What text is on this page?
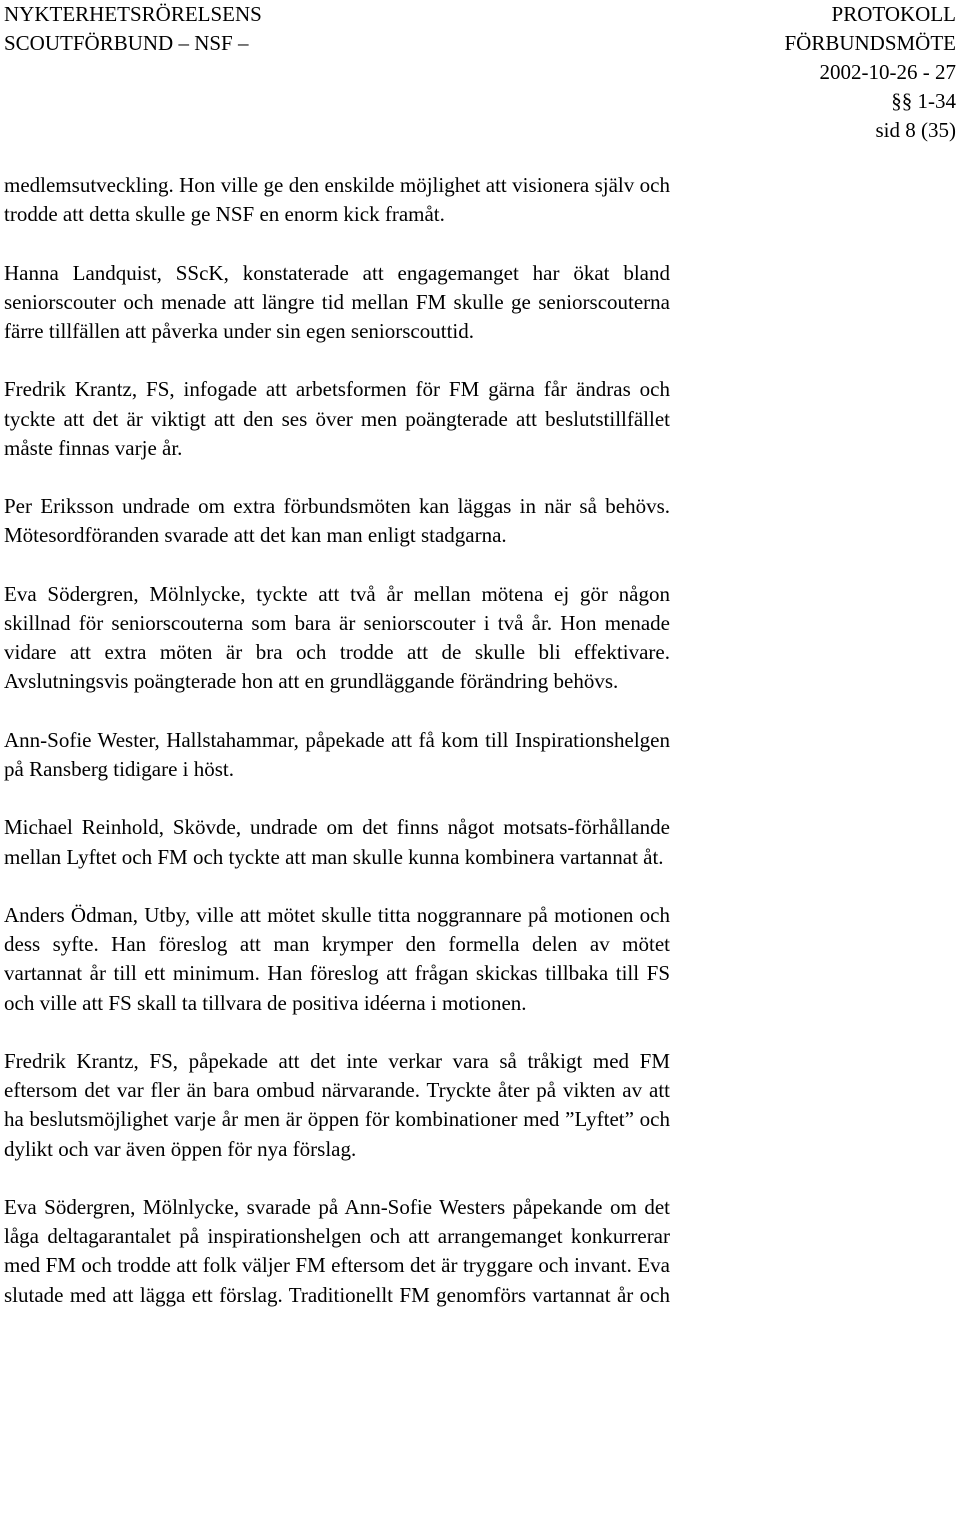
NYKTERHETSRÖRELSENS
SCOUTFÖRBUND – NSF –
PROTOKOLL
FÖRBUNDSMÖTE
2002-10-26 - 27
§§ 1-34
sid 8 (35)

medlemsutveckling. Hon ville ge den enskilde möjlighet att visionera själv och trodde att detta skulle ge NSF en enorm kick framåt.

Hanna Landquist, SScK, konstaterade att engagemanget har ökat bland seniorscouter och menade att längre tid mellan FM skulle ge seniorscouterna färre tillfällen att påverka under sin egen seniorscouttid.

Fredrik Krantz, FS, infogade att arbetsformen för FM gärna får ändras och tyckte att det är viktigt att den ses över men poängterade att beslutstillfället måste finnas varje år.

Per Eriksson undrade om extra förbundsmöten kan läggas in när så behövs. Mötesordföranden svarade att det kan man enligt stadgarna.

Eva Södergren, Mölnlycke, tyckte att två år mellan mötena ej gör någon skillnad för seniorscouterna som bara är seniorscouter i två år. Hon menade vidare att extra möten är bra och trodde att de skulle bli effektivare. Avslutningsvis poängterade hon att en grundläggande förändring behövs.

Ann-Sofie Wester, Hallstahammar, påpekade att få kom till Inspirationshelgen på Ransberg tidigare i höst.

Michael Reinhold, Skövde, undrade om det finns något motsats-förhållande mellan Lyftet och FM och tyckte att man skulle kunna kombinera vartannat åt.

Anders Ödman, Utby, ville att mötet skulle titta noggrannare på motionen och dess syfte. Han föreslog att man krymper den formella delen av mötet vartannat år till ett minimum. Han föreslog att frågan skickas tillbaka till FS och ville att FS skall ta tillvara de positiva idéerna i motionen.

Fredrik Krantz, FS, påpekade att det inte verkar vara så tråkigt med FM eftersom det var fler än bara ombud närvarande. Tryckte åter på vikten av att ha beslutsmöjlighet varje år men är öppen för kombinationer med ”Lyftet” och dylikt och var även öppen för nya förslag.

Eva Södergren, Mölnlycke, svarade på Ann-Sofie Westers påpekande om det låga deltagarantalet på inspirationshelgen och att arrangemanget konkurrerar med FM och trodde att folk väljer FM eftersom det är tryggare och invant. Eva slutade med att lägga ett förslag. Traditionellt FM genomförs vartannat år och
